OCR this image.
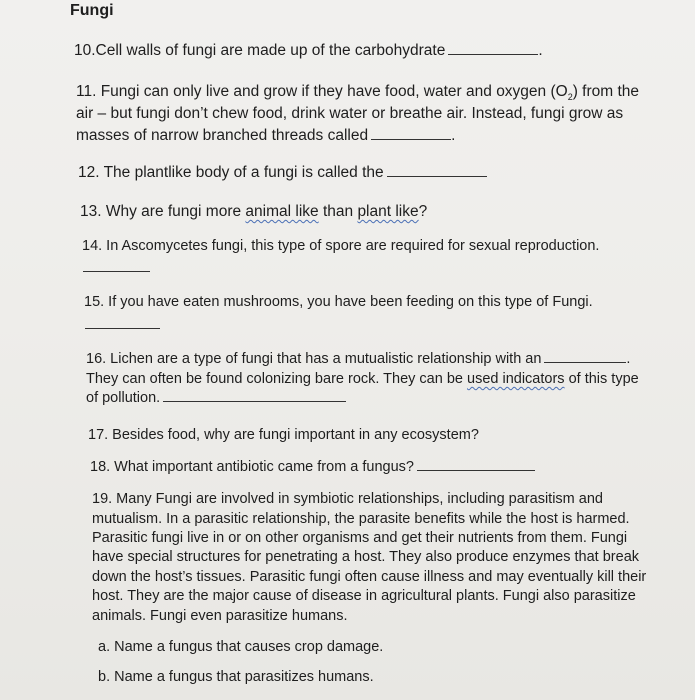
Fungi
10.Cell walls of fungi are made up of the carbohydrate	.
11. Fungi can only live and grow if they have food, water and oxygen $(O_2)$ from the
air – but fungi don’t chew food, drink water or breathe air. Instead, fungi grow as
masses of narrow branched threads called	.
12. The plantlike body of a fungi is called the
13. Why are fungi more animal like than plant like?
14. In Ascomycetes fungi, this type of spore are required for sexual reproduction.
15. If you have eaten mushrooms, you have been feeding on this type of Fungi.
16. Lichen are a type of fungi that has a mutualistic relationship with an	.
They can often be found colonizing bare rock. They can be used indicators of this type
of pollution.
17. Besides food, why are fungi important in any ecosystem?
18. What important antibiotic came from a fungus?
19. Many Fungi are involved in symbiotic relationships, including parasitism and
mutualism. In a parasitic relationship, the parasite benefits while the host is harmed.
Parasitic fungi live in or on other organisms and get their nutrients from them. Fungi
have special structures for penetrating a host. They also produce enzymes that break
down the host’s tissues. Parasitic fungi often cause illness and may eventually kill their
host. They are the major cause of disease in agricultural plants. Fungi also parasitize
animals. Fungi even parasitize humans.
a. Name a fungus that causes crop damage.
b. Name a fungus that parasitizes humans.
